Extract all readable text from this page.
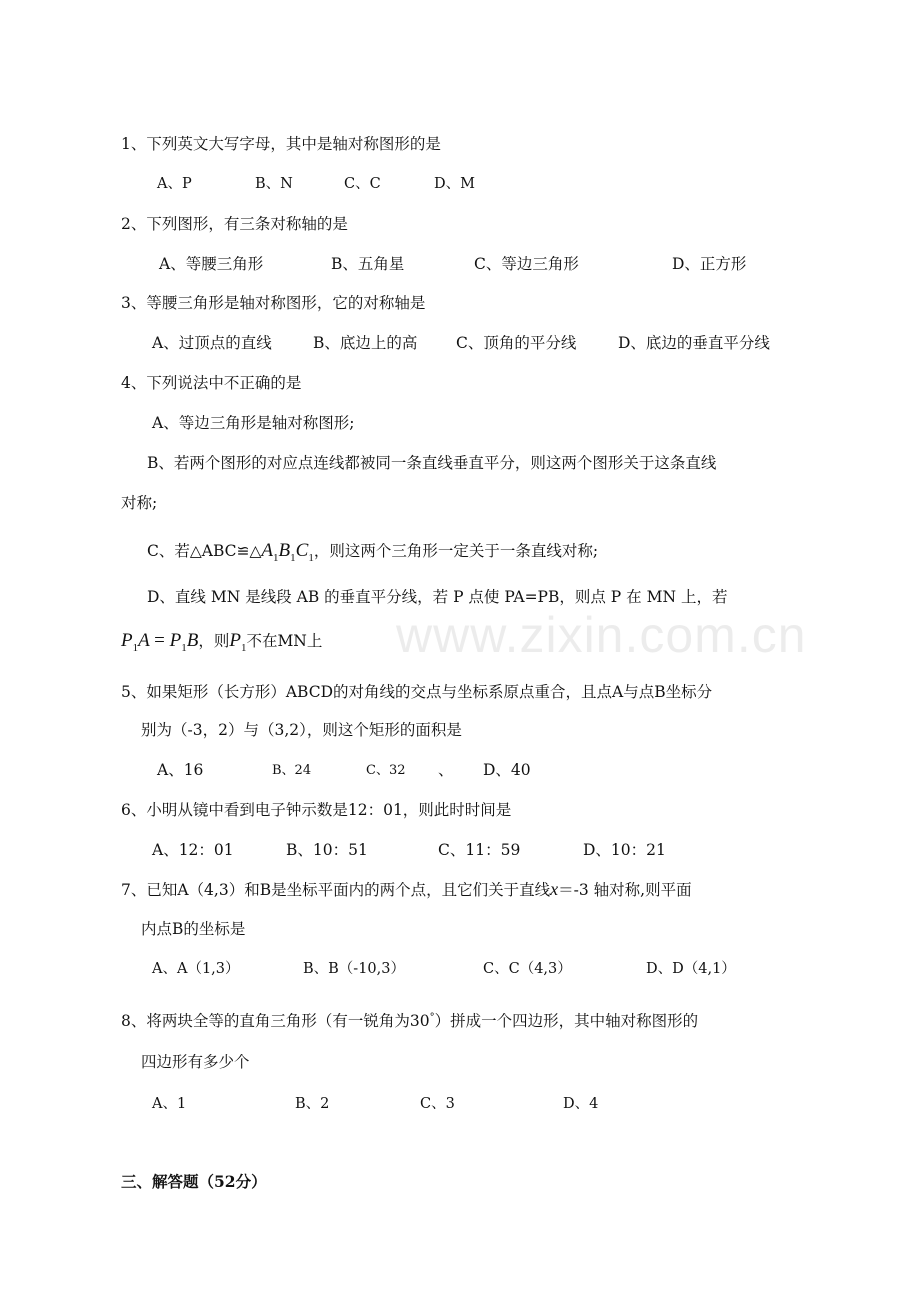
www.zixin.com.cn
1、下列英文大写字母，其中是轴对称图形的是
A、P	B、N	C、C	D、M
2、下列图形，有三条对称轴的是
A、等腰三角形	B、五角星	C、等边三角形	D、正方形
3、等腰三角形是轴对称图形，它的对称轴是
A、过顶点的直线	B、底边上的高 C、顶角的平分线	D、底边的垂直平分线
4、下列说法中不正确的是
A、等边三角形是轴对称图形;
B、若两个图形的对应点连线都被同一条直线垂直平分，则这两个图形关于这条直线
对称;
C、若$\triangle ABC≌\triangle A_1B_1C_1$，则这两个三角形一定关于一条直线对称;
D、直线 MN 是线段 AB 的垂直平分线，若 P 点使 PA=PB，则点 P 在 MN 上，若
$P_1A = P_1B$，则$P_1$不在MN上
5、如果矩形（长方形）ABCD的对角线的交点与坐标系原点重合，且点A与点B坐标分
别为（-3，2）与（3,2），则这个矩形的面积是
A、16	B、24	C、32 、 D、40
6、小明从镜中看到电子钟示数是12：01，则此时时间是
A、12：01	B、10：51	C、11：59	D、10：21
7、已知A（4,3）和B是坐标平面内的两个点，且它们关于直线x＝-3 轴对称,则平面
内点B的坐标是
A、A（1,3）	B、B（-10,3）	C、C（4,3）	D、D（4,1）
8、将两块全等的直角三角形（有一锐角为30°）拼成一个四边形，其中轴对称图形的
四边形有多少个
A、1	B、2	C、3	D、4
三、解答题（52分）
